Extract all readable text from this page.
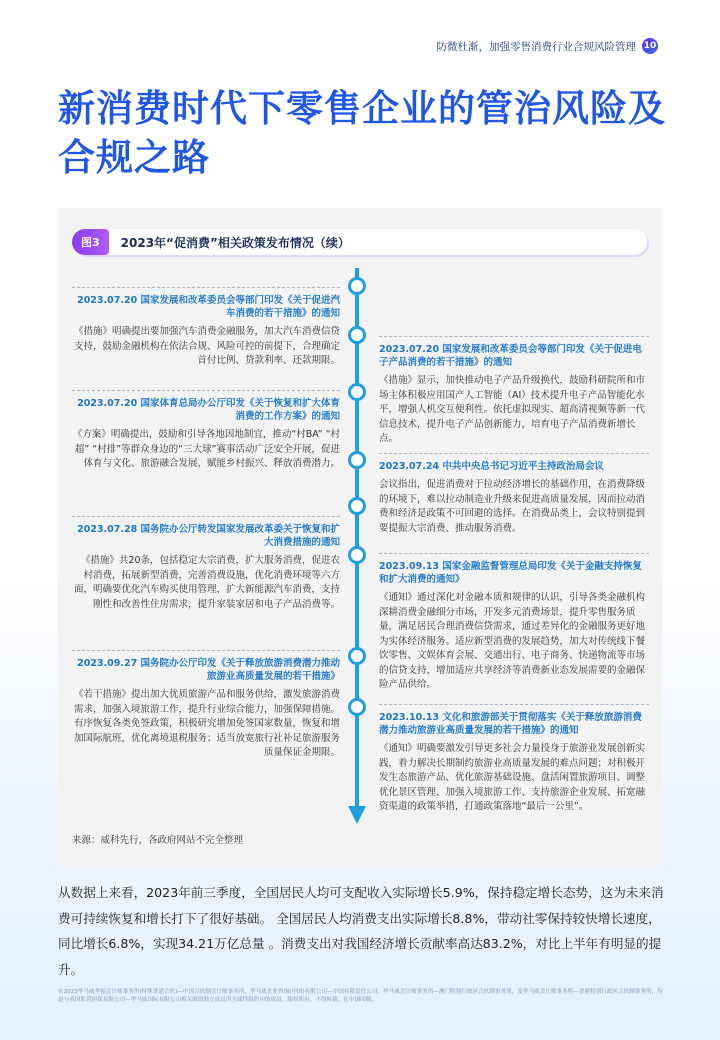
防微杜渐，加强零售消费行业合规风险管理 10
新消费时代下零售企业的管治风险及合规之路
图3	2023年“促消费”相关政策发布情况（续）
2023.07.20 国家发展和改革委员会等部门印发《关于促进汽车消费的若干措施》的通知
《措施》明确提出要加强汽车消费金融服务，加大汽车消费信贷支持，鼓励金融机构在依法合规、风险可控的前提下，合理确定首付比例、贷款利率、还款期限。
2023.07.20 国家体育总局办公厅印发《关于恢复和扩大体育消费的工作方案》的通知
《方案》明确提出，鼓励和引导各地因地制宜，推动“村BA” “村超” “村排”等群众身边的“三大球”赛事活动广泛安全开展，促进体育与文化、旅游融合发展，赋能乡村振兴、释放消费潜力。
2023.07.28 国务院办公厅转发国家发展改革委关于恢复和扩大消费措施的通知
《措施》共20条，包括稳定大宗消费，扩大服务消费，促进农村消费，拓展新型消费，完善消费设施，优化消费环境等六方面，明确要优化汽车购买使用管理，扩大新能源汽车消费，支持刚性和改善性住房需求，提升家装家居和电子产品消费等。
2023.09.27 国务院办公厅印发《关于释放旅游消费潜力推动旅游业高质量发展的若干措施》
《若干措施》提出加大优质旅游产品和服务供给，激发旅游消费需求，加强入境旅游工作，提升行业综合能力，加强保障措施。有序恢复各类免签政策，积极研究增加免签国家数量，恢复和增加国际航班，优化离境退税服务；适当放宽旅行社补足旅游服务质量保证金期限。
2023.07.20 国家发展和改革委员会等部门印发《关于促进电子产品消费的若干措施》的通知
《措施》显示，加快推动电子产品升级换代，鼓励科研院所和市场主体积极应用国产人工智能（AI）技术提升电子产品智能化水平，增强人机交互便利性。依托虚拟现实、超高清视频等新一代信息技术，提升电子产品创新能力，培育电子产品消费新增长点。
2023.07.24 中共中央总书记习近平主持政治局会议
会议指出，促进消费对于拉动经济增长的基础作用，在消费降级的环境下，难以拉动制造业升级来促进高质量发展，因而拉动消费和经济是政策不可回避的选择。在消费品类上，会议特别提到要提振大宗消费、推动服务消费。
2023.09.13 国家金融监督管理总局印发《关于金融支持恢复和扩大消费的通知》
《通知》通过深化对金融本质和规律的认识，引导各类金融机构深耕消费金融细分市场，开发多元消费场景，提升零售服务质量，满足居民合理消费信贷需求，通过差异化的金融服务更好地为实体经济服务。适应新型消费的发展趋势，加大对传统线下餐饮零售、文娱体育会展、交通出行、电子商务、快递物流等市场的信贷支持，增加适应共享经济等消费新业态发展需要的金融保险产品供给。
2023.10.13 文化和旅游部关于贯彻落实《关于释放旅游消费潜力推动旅游业高质量发展的若干措施》的通知
《通知》明确要激发引导更多社会力量投身于旅游业发展创新实践，着力解决长期制约旅游业高质量发展的难点问题；对积极开发生态旅游产品、优化旅游基础设施、盘活闲置旅游项目、调整优化景区管理、加强入境旅游工作、支持旅游企业发展、拓宽融资渠道的政策举措，打通政策落地“最后一公里”。
来源：威科先行，各政府网站不完全整理
从数据上来看，2023年前三季度，全国居民人均可支配收入实际增长5.9%，保持稳定增长态势，这为未来消费可持续恢复和增长打下了很好基础。 全国居民人均消费支出实际增长8.8%，带动社零保持较快增长速度，同比增长6.8%，实现34.21万亿总量 。消费支出对我国经济增长贡献率高达83.2%，对比上半年有明显的提升。
©2023毕马威华振会计师事务所(特殊普通合伙)—中国合伙制会计师事务所，毕马威企业咨询(中国)有限公司—中国有限责任公司，毕马威会计师事务所—澳门特别行政区合伙制事务所，及毕马威会计师事务所—香港特别行政区合伙制事务所，均是与英国私营担保有限公司—毕马威国际有限公司相关联的独立成员所全球性组织中的成员。版权所有，不得转载。在中国印制。
